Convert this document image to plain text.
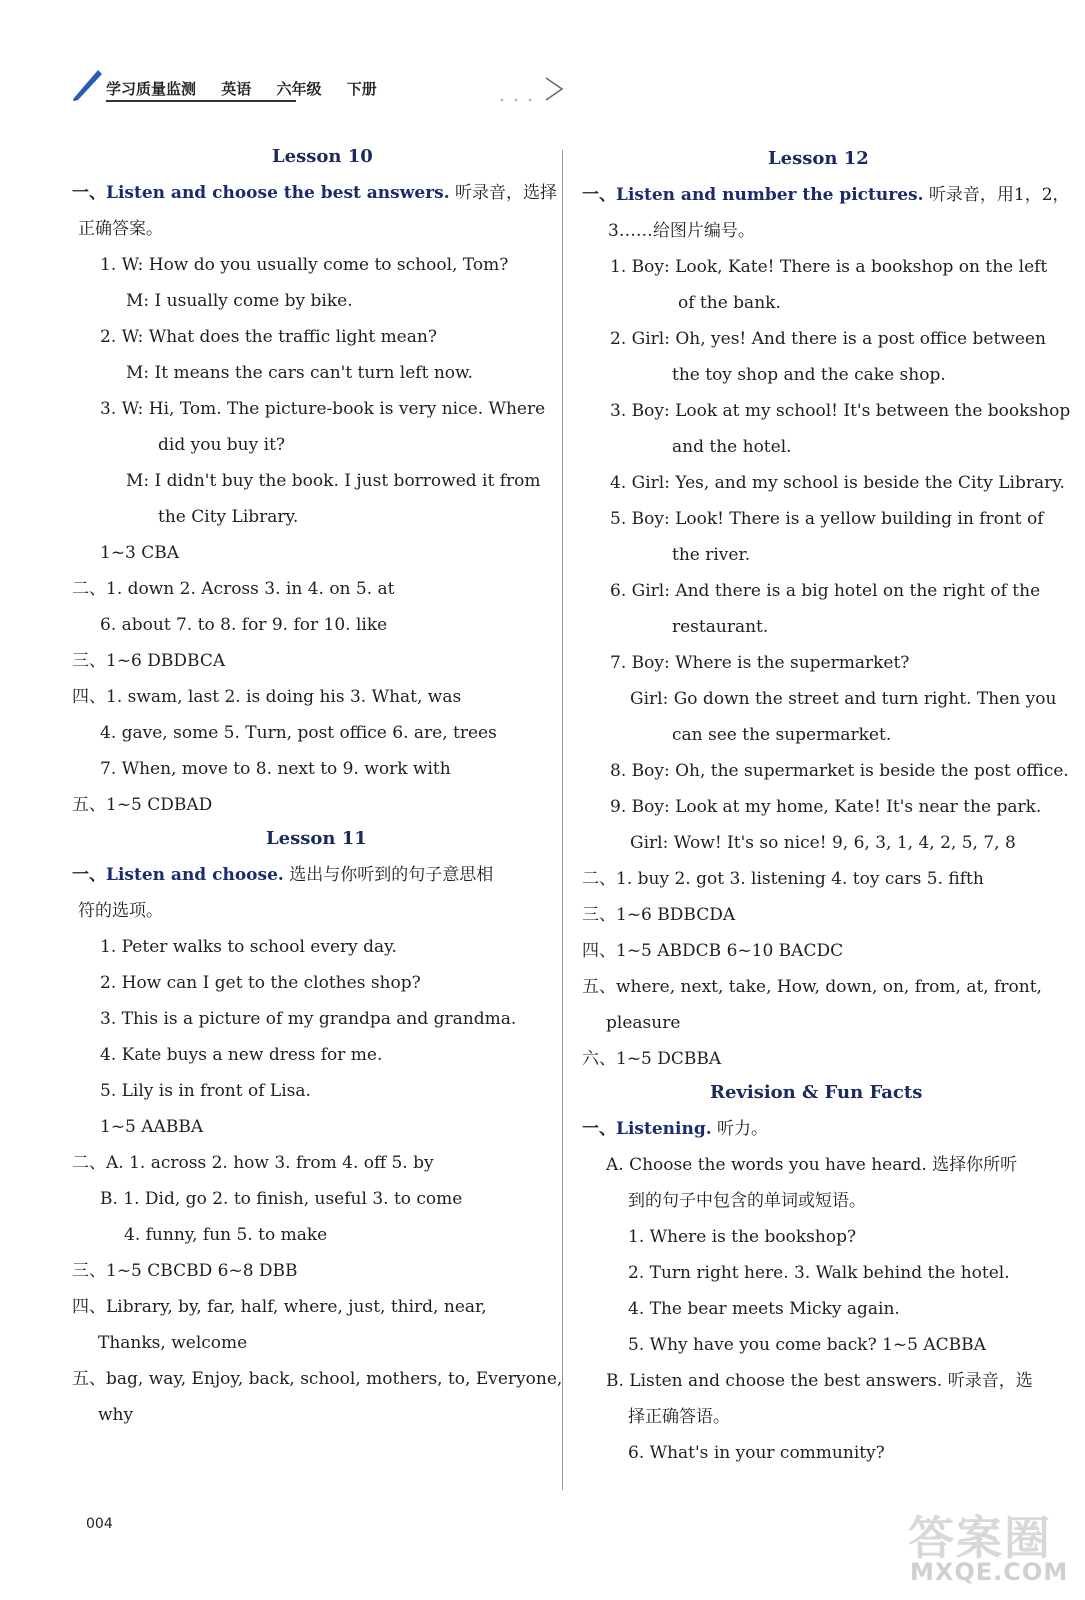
学习质量监测 英语 六年级 下册
Lesson 10
一、Listen and choose the best answers. 听录音，选择
正确答案。
1. W: How do you usually come to school, Tom?
M: I usually come by bike.
2. W: What does the traffic light mean?
M: It means the cars can't turn left now.
3. W: Hi, Tom. The picture-book is very nice. Where
did you buy it?
M: I didn't buy the book. I just borrowed it from
the City Library.
1~3 CBA
二、1. down 2. Across 3. in 4. on 5. at
6. about 7. to 8. for 9. for 10. like
三、1~6 DBDBCA
四、1. swam, last 2. is doing his 3. What, was
4. gave, some 5. Turn, post office 6. are, trees
7. When, move to 8. next to 9. work with
五、1~5 CDBAD
Lesson 11
一、Listen and choose. 选出与你听到的句子意思相
符的选项。
1. Peter walks to school every day.
2. How can I get to the clothes shop?
3. This is a picture of my grandpa and grandma.
4. Kate buys a new dress for me.
5. Lily is in front of Lisa.
1~5 AABBA
二、A. 1. across 2. how 3. from 4. off 5. by
B. 1. Did, go 2. to finish, useful 3. to come
4. funny, fun 5. to make
三、1~5 CBCBD 6~8 DBB
四、Library, by, far, half, where, just, third, near,
Thanks, welcome
五、bag, way, Enjoy, back, school, mothers, to, Everyone,
why
Lesson 12
一、Listen and number the pictures. 听录音，用1，2，
3……给图片编号。
1. Boy: Look, Kate! There is a bookshop on the left
of the bank.
2. Girl: Oh, yes! And there is a post office between
the toy shop and the cake shop.
3. Boy: Look at my school! It's between the bookshop
and the hotel.
4. Girl: Yes, and my school is beside the City Library.
5. Boy: Look! There is a yellow building in front of
the river.
6. Girl: And there is a big hotel on the right of the
restaurant.
7. Boy: Where is the supermarket?
Girl: Go down the street and turn right. Then you
can see the supermarket.
8. Boy: Oh, the supermarket is beside the post office.
9. Boy: Look at my home, Kate! It's near the park.
Girl: Wow! It's so nice! 9, 6, 3, 1, 4, 2, 5, 7, 8
二、1. buy 2. got 3. listening 4. toy cars 5. fifth
三、1~6 BDBCDA
四、1~5 ABDCB 6~10 BACDC
五、where, next, take, How, down, on, from, at, front,
pleasure
六、1~5 DCBBA
Revision & Fun Facts
一、Listening. 听力。
A. Choose the words you have heard. 选择你所听
到的句子中包含的单词或短语。
1. Where is the bookshop?
2. Turn right here. 3. Walk behind the hotel.
4. The bear meets Micky again.
5. Why have you come back? 1~5 ACBBA
B. Listen and choose the best answers. 听录音，选
择正确答语。
6. What's in your community?
004	答案圈
MXQE.COM
